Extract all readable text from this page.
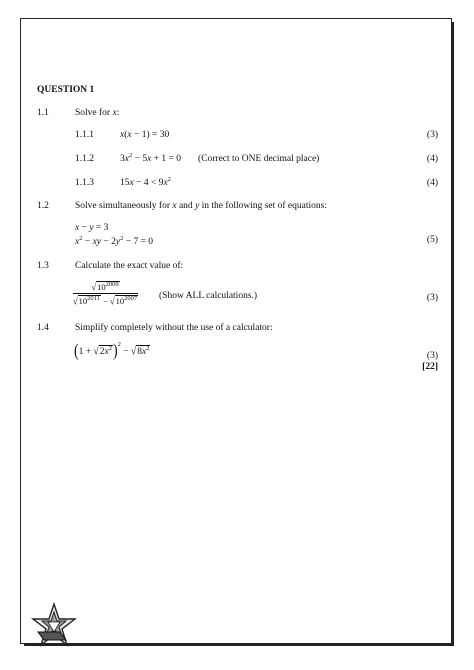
QUESTION 1
1.1	Solve for x:
1.1.1	x(x − 1) = 30	(3)
1.1.2	$3x^2 - 5x + 1 = 0$ (Correct to ONE decimal place)	(4)
1.1.3	$15x - 4 < 9x^2$	(4)
1.2	Solve simultaneously for x and y in the following set of equations:
x − y = 3
$x^2$ − xy − $2y^2 - 7 = 0$	(5)
1.3	Calculate the exact value of:
$\frac{√10^{2009}}{√10^{2011} - √10^{2007}}$ (Show ALL calculations.)	(3)
1.4	Simplify completely without the use of a calculator:
$(1 + √2x^2)^2 - √8x^2$
(3)
[22]
